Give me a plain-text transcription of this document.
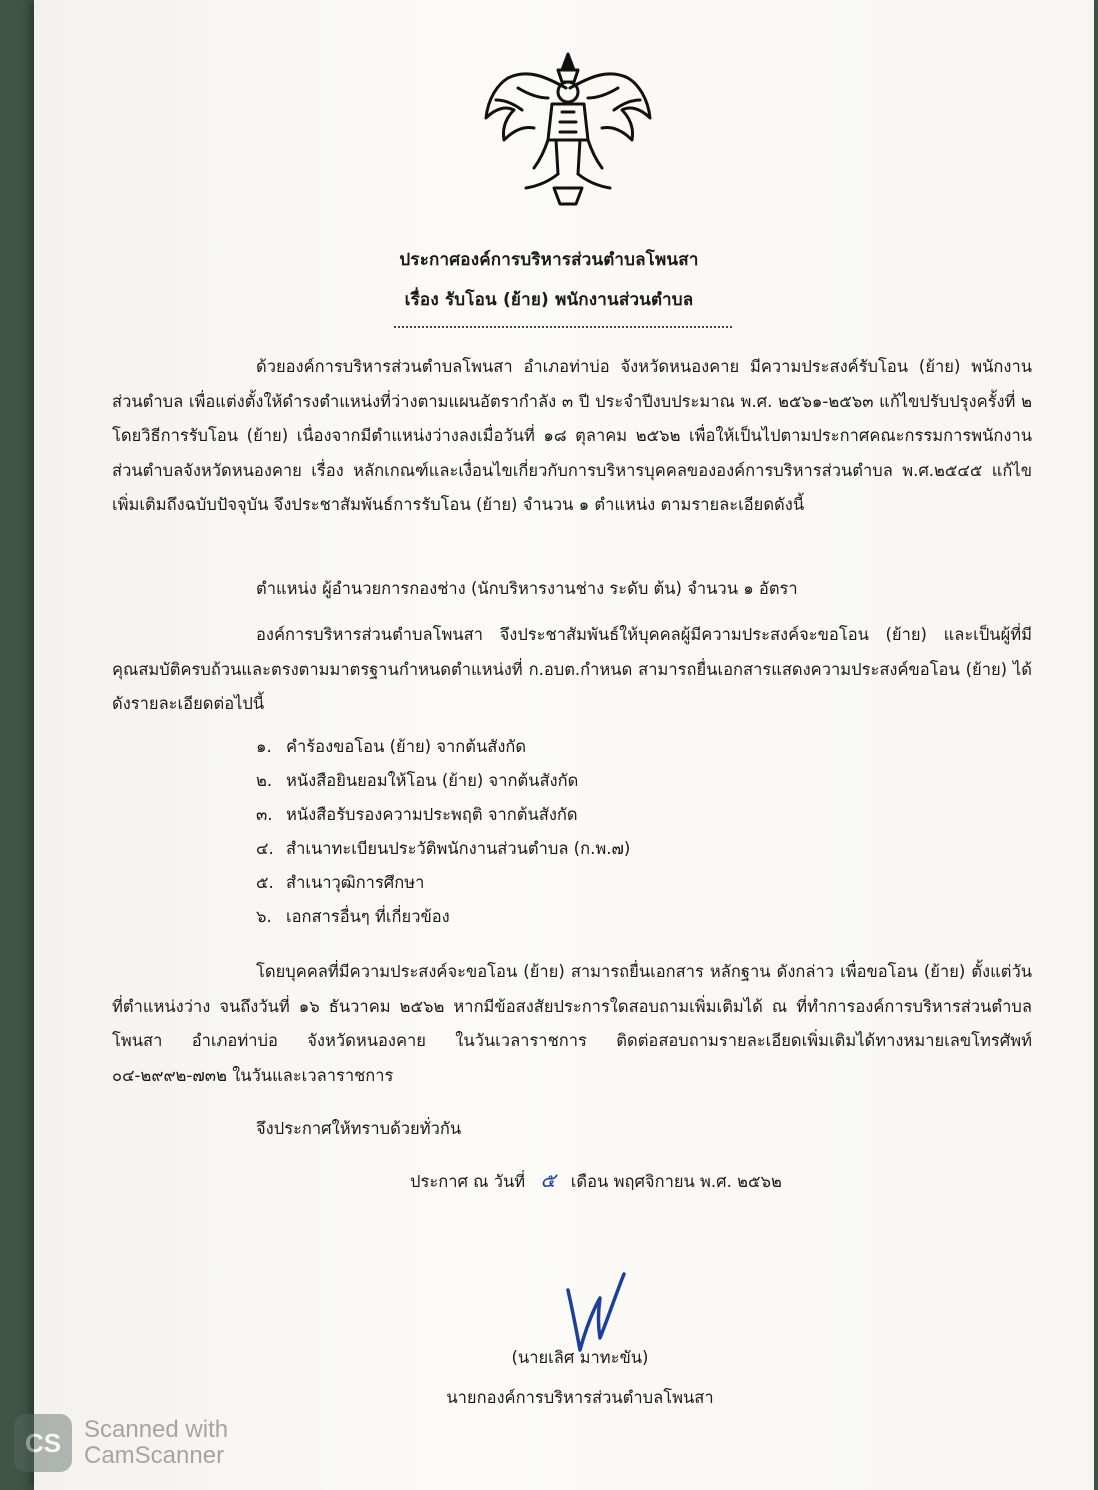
ประกาศองค์การบริหารส่วนตำบลโพนสา
เรื่อง รับโอน (ย้าย) พนักงานส่วนตำบล
ด้วยองค์การบริหารส่วนตำบลโพนสา อำเภอท่าบ่อ จังหวัดหนองคาย มีความประสงค์รับโอน (ย้าย) พนักงานส่วนตำบล เพื่อแต่งตั้งให้ดำรงตำแหน่งที่ว่างตามแผนอัตรากำลัง ๓ ปี ประจำปีงบประมาณ พ.ศ. ๒๕๖๑-๒๕๖๓ แก้ไขปรับปรุงครั้งที่ ๒ โดยวิธีการรับโอน (ย้าย) เนื่องจากมีตำแหน่งว่างลงเมื่อวันที่ ๑๘ ตุลาคม ๒๕๖๒ เพื่อให้เป็นไปตามประกาศคณะกรรมการพนักงานส่วนตำบลจังหวัดหนองคาย เรื่อง หลักเกณฑ์และเงื่อนไขเกี่ยวกับการบริหารบุคคลขององค์การบริหารส่วนตำบล พ.ศ.๒๕๔๕ แก้ไขเพิ่มเติมถึงฉบับปัจจุบัน จึงประชาสัมพันธ์การรับโอน (ย้าย) จำนวน ๑ ตำแหน่ง ตามรายละเอียดดังนี้
ตำแหน่ง ผู้อำนวยการกองช่าง (นักบริหารงานช่าง ระดับ ต้น) จำนวน ๑ อัตรา
องค์การบริหารส่วนตำบลโพนสา จึงประชาสัมพันธ์ให้บุคคลผู้มีความประสงค์จะขอโอน (ย้าย) และเป็นผู้ที่มีคุณสมบัติครบถ้วนและตรงตามมาตรฐานกำหนดตำแหน่งที่ ก.อบต.กำหนด สามารถยื่นเอกสารแสดงความประสงค์ขอโอน (ย้าย) ได้ดังรายละเอียดต่อไปนี้
๑. คำร้องขอโอน (ย้าย) จากต้นสังกัด
๒. หนังสือยินยอมให้โอน (ย้าย) จากต้นสังกัด
๓. หนังสือรับรองความประพฤติ จากต้นสังกัด
๔. สำเนาทะเบียนประวัติพนักงานส่วนตำบล (ก.พ.๗)
๕. สำเนาวุฒิการศึกษา
๖. เอกสารอื่นๆ ที่เกี่ยวข้อง
โดยบุคคลที่มีความประสงค์จะขอโอน (ย้าย) สามารถยื่นเอกสาร หลักฐาน ดังกล่าว เพื่อขอโอน (ย้าย) ตั้งแต่วันที่ตำแหน่งว่าง จนถึงวันที่ ๑๖ ธันวาคม ๒๕๖๒ หากมีข้อสงสัยประการใดสอบถามเพิ่มเติมได้ ณ ที่ทำการองค์การบริหารส่วนตำบลโพนสา อำเภอท่าบ่อ จังหวัดหนองคาย ในวันเวลาราชการ ติดต่อสอบถามรายละเอียดเพิ่มเติมได้ทางหมายเลขโทรศัพท์ ๐๔-๒๙๙๒-๗๓๒ ในวันและเวลาราชการ
จึงประกาศให้ทราบด้วยทั่วกัน
ประกาศ ณ วันที่ ๕ เดือน พฤศจิกายน พ.ศ. ๒๕๖๒
(นายเลิศ มาทะขัน)
นายกองค์การบริหารส่วนตำบลโพนสา
CS Scanned with
CamScanner
